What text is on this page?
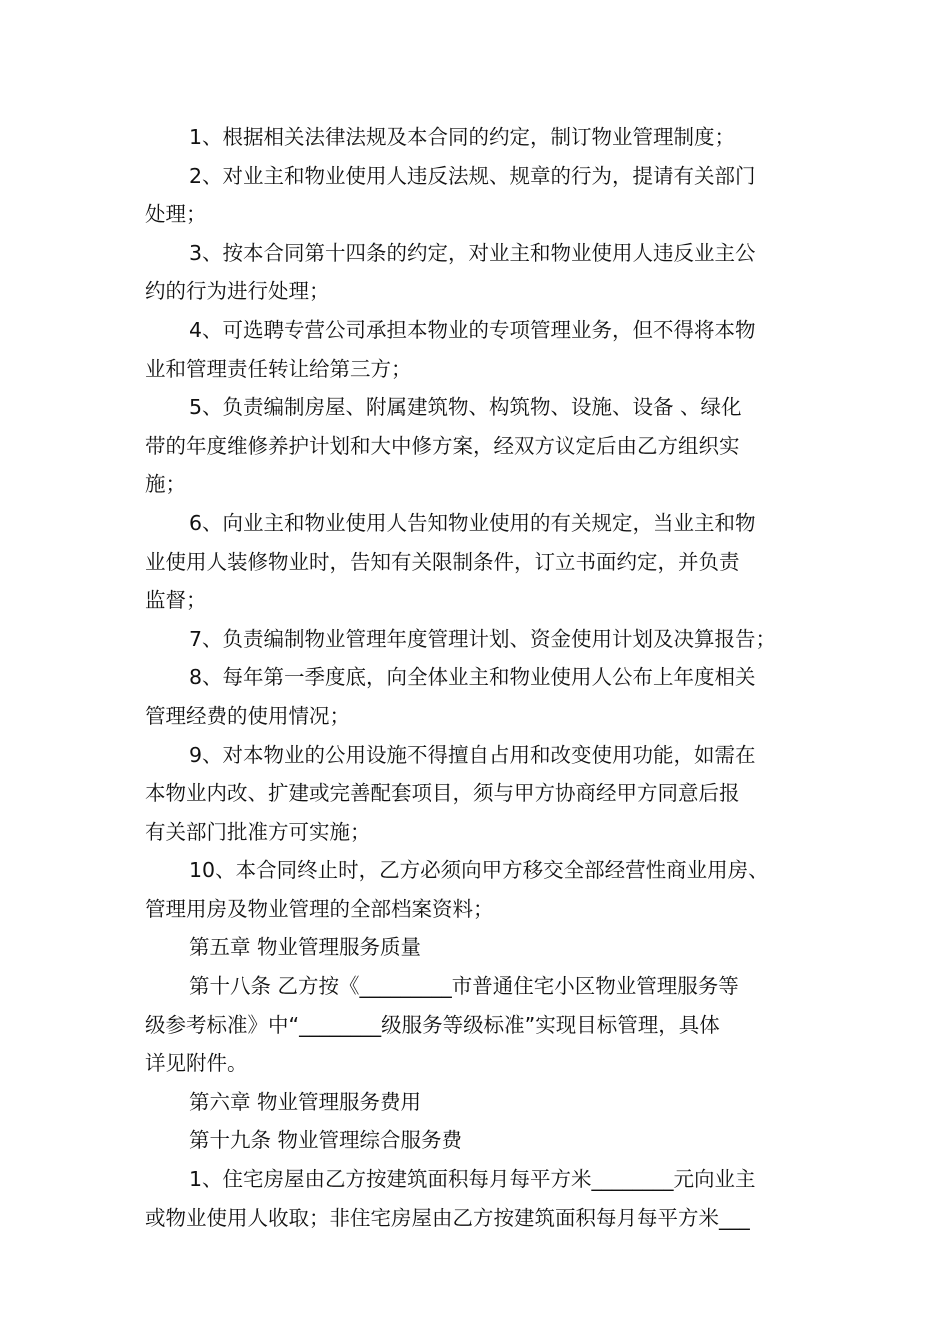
1、根据相关法律法规及本合同的约定，制订物业管理制度；
2、对业主和物业使用人违反法规、规章的行为，提请有关部门
处理；
3、按本合同第十四条的约定，对业主和物业使用人违反业主公
约的行为进行处理；
4、可选聘专营公司承担本物业的专项管理业务，但不得将本物
业和管理责任转让给第三方；
5、负责编制房屋、附属建筑物、构筑物、设施、设备 、绿化
带的年度维修养护计划和大中修方案，经双方议定后由乙方组织实
施；
6、向业主和物业使用人告知物业使用的有关规定，当业主和物
业使用人装修物业时，告知有关限制条件，订立书面约定，并负责
监督；
7、负责编制物业管理年度管理计划、资金使用计划及决算报告；
8、每年第一季度底，向全体业主和物业使用人公布上年度相关
管理经费的使用情况；
9、对本物业的公用设施不得擅自占用和改变使用功能，如需在
本物业内改、扩建或完善配套项目，须与甲方协商经甲方同意后报
有关部门批准方可实施；
10、本合同终止时，乙方必须向甲方移交全部经营性商业用房、
管理用房及物业管理的全部档案资料；
第五章 物业管理服务质量
第十八条 乙方按《_________市普通住宅小区物业管理服务等
级参考标准》中“________级服务等级标准”实现目标管理，具体
详见附件。
第六章 物业管理服务费用
第十九条 物业管理综合服务费
1、住宅房屋由乙方按建筑面积每月每平方米________元向业主
或物业使用人收取；非住宅房屋由乙方按建筑面积每月每平方米___
